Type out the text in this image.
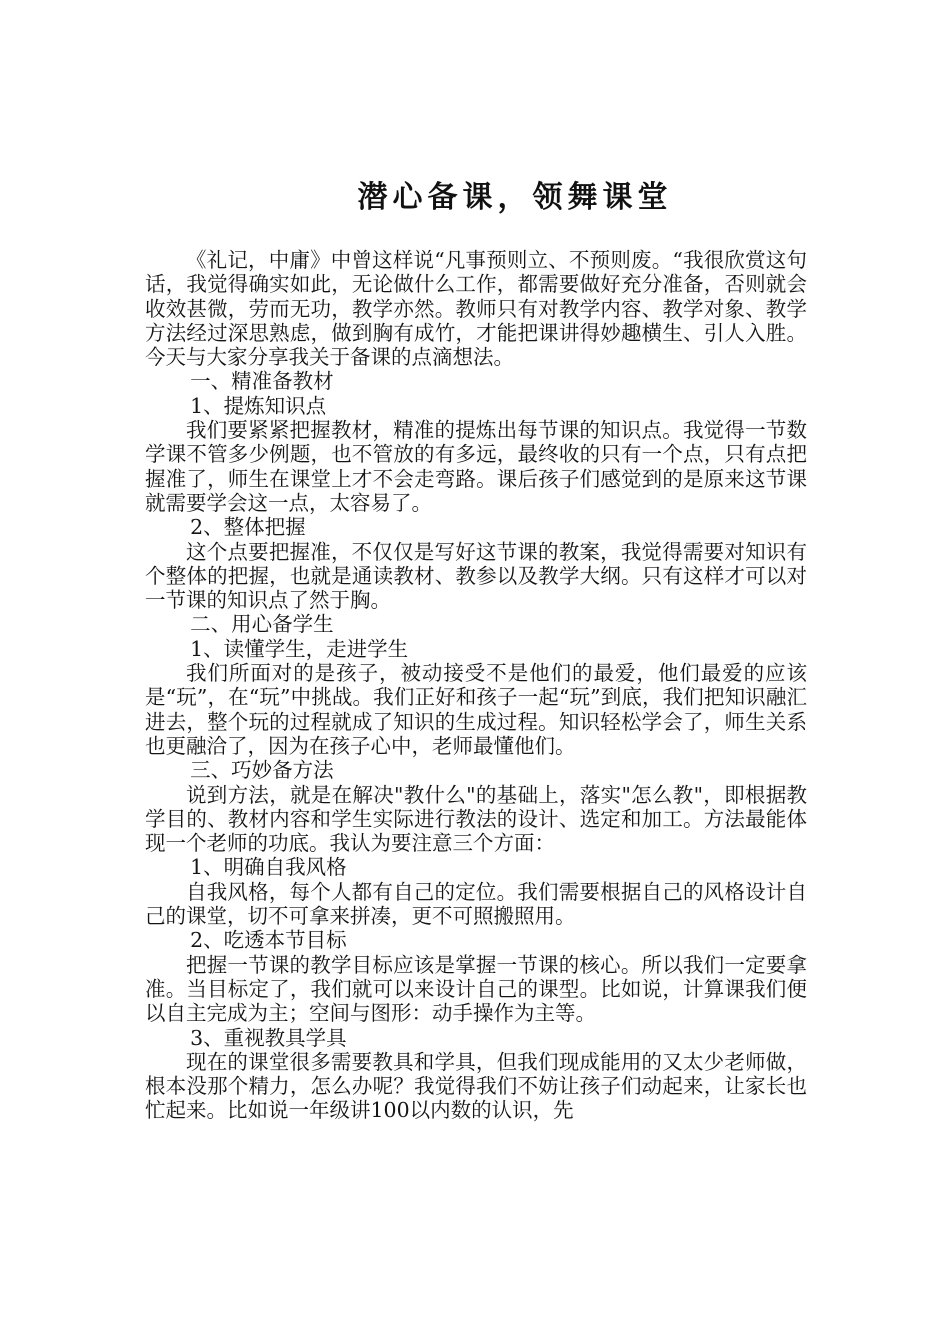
潜心备课，领舞课堂

《礼记，中庸》中曾这样说“凡事预则立、不预则废。“我很欣赏这句话，我觉得确实如此，无论做什么工作，都需要做好充分准备，否则就会收效甚微，劳而无功，教学亦然。教师只有对教学内容、教学对象、教学方法经过深思熟虑，做到胸有成竹，才能把课讲得妙趣横生、引人入胜。今天与大家分享我关于备课的点滴想法。

一、精准备教材

1、提炼知识点

我们要紧紧把握教材，精准的提炼出每节课的知识点。我觉得一节数学课不管多少例题，也不管放的有多远，最终收的只有一个点，只有点把握准了，师生在课堂上才不会走弯路。课后孩子们感觉到的是原来这节课就需要学会这一点，太容易了。

2、整体把握

这个点要把握准，不仅仅是写好这节课的教案，我觉得需要对知识有个整体的把握，也就是通读教材、教参以及教学大纲。只有这样才可以对一节课的知识点了然于胸。

二、用心备学生

1、读懂学生，走进学生

我们所面对的是孩子，被动接受不是他们的最爱，他们最爱的应该是“玩”，在“玩”中挑战。我们正好和孩子一起“玩”到底，我们把知识融汇进去，整个玩的过程就成了知识的生成过程。知识轻松学会了，师生关系也更融洽了，因为在孩子心中，老师最懂他们。

三、巧妙备方法

说到方法，就是在解决"教什么"的基础上，落实"怎么教"，即根据教学目的、教材内容和学生实际进行教法的设计、选定和加工。方法最能体现一个老师的功底。我认为要注意三个方面：

1、明确自我风格

自我风格，每个人都有自己的定位。我们需要根据自己的风格设计自己的课堂，切不可拿来拼凑，更不可照搬照用。

2、吃透本节目标

把握一节课的教学目标应该是掌握一节课的核心。所以我们一定要拿准。当目标定了，我们就可以来设计自己的课型。比如说，计算课我们便以自主完成为主；空间与图形：动手操作为主等。

3、重视教具学具

现在的课堂很多需要教具和学具，但我们现成能用的又太少老师做，根本没那个精力，怎么办呢？我觉得我们不妨让孩子们动起来，让家长也忙起来。比如说一年级讲100以内数的认识，先
